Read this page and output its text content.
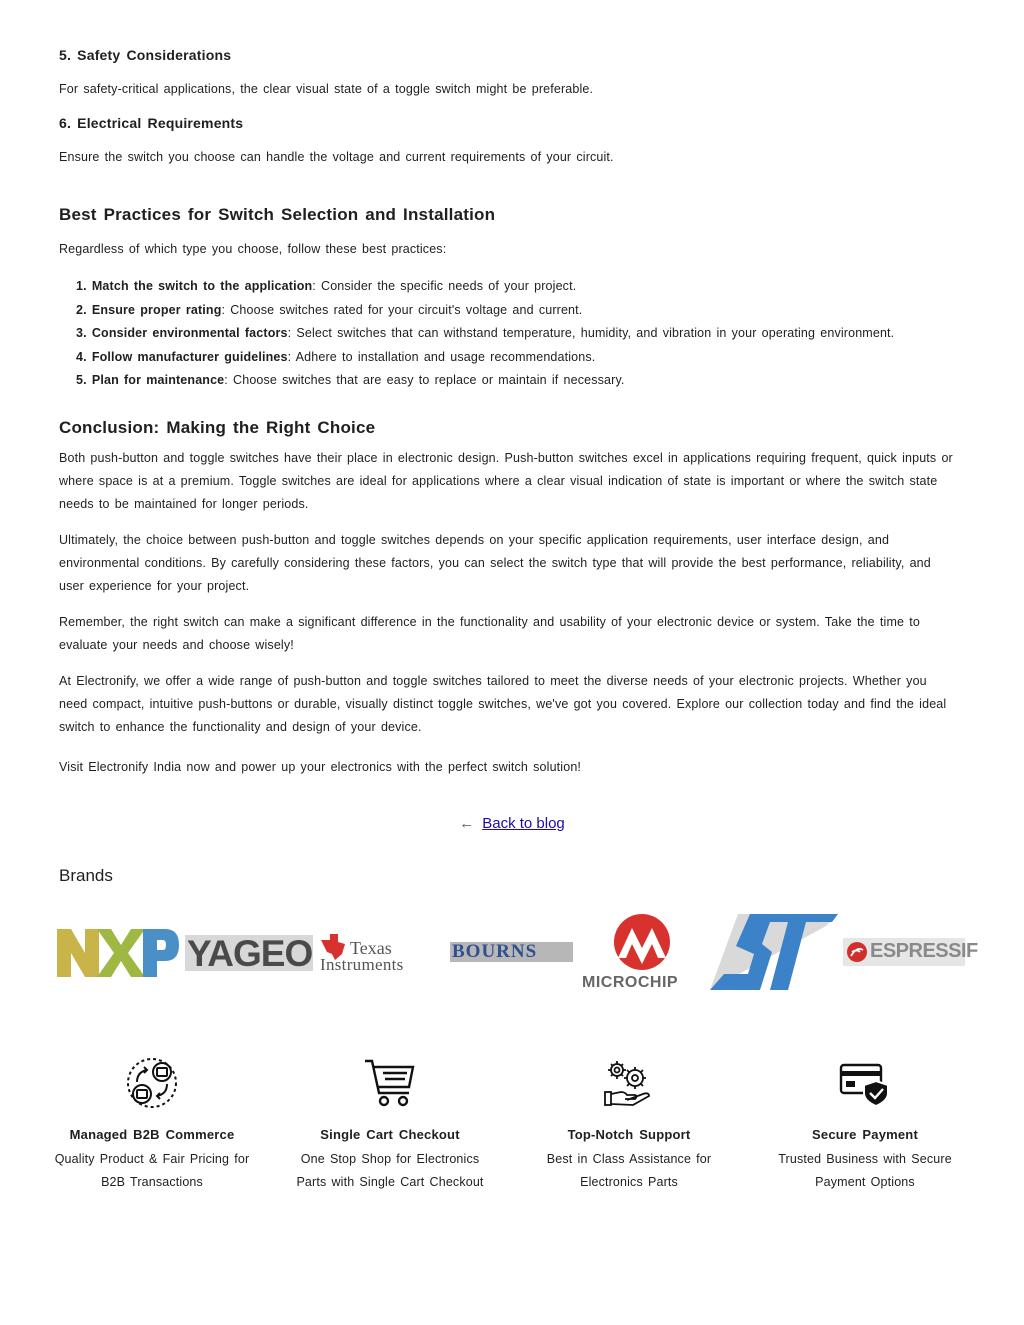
5. Safety Considerations

For safety-critical applications, the clear visual state of a toggle switch might be preferable.

6. Electrical Requirements

Ensure the switch you choose can handle the voltage and current requirements of your circuit.

Best Practices for Switch Selection and Installation

Regardless of which type you choose, follow these best practices:

1. Match the switch to the application: Consider the specific needs of your project.
2. Ensure proper rating: Choose switches rated for your circuit's voltage and current.
3. Consider environmental factors: Select switches that can withstand temperature, humidity, and vibration in your operating environment.
4. Follow manufacturer guidelines: Adhere to installation and usage recommendations.
5. Plan for maintenance: Choose switches that are easy to replace or maintain if necessary.
Conclusion: Making the Right Choice

Both push-button and toggle switches have their place in electronic design. Push-button switches excel in applications requiring frequent, quick inputs or where space is at a premium. Toggle switches are ideal for applications where a clear visual indication of state is important or where the switch state needs to be maintained for longer periods.

Ultimately, the choice between push-button and toggle switches depends on your specific application requirements, user interface design, and environmental conditions. By carefully considering these factors, you can select the switch type that will provide the best performance, reliability, and user experience for your project.

Remember, the right switch can make a significant difference in the functionality and usability of your electronic device or system. Take the time to evaluate your needs and choose wisely!

At Electronify, we offer a wide range of push-button and toggle switches tailored to meet the diverse needs of your electronic projects. Whether you need compact, intuitive push-buttons or durable, visually distinct toggle switches, we've got you covered. Explore our collection today and find the ideal switch to enhance the functionality and design of your device.

Visit Electronify India now and power up your electronics with the perfect switch solution!

← Back to blog
Brands
YAGEO Texas
Instruments
BOURNS
MICROCHIP
ESPRESSIF
Managed B2B Commerce
Quality Product & Fair Pricing for B2B Transactions
Single Cart Checkout
One Stop Shop for Electronics Parts with Single Cart Checkout
Top-Notch Support
Best in Class Assistance for Electronics Parts
Secure Payment
Trusted Business with Secure Payment Options
